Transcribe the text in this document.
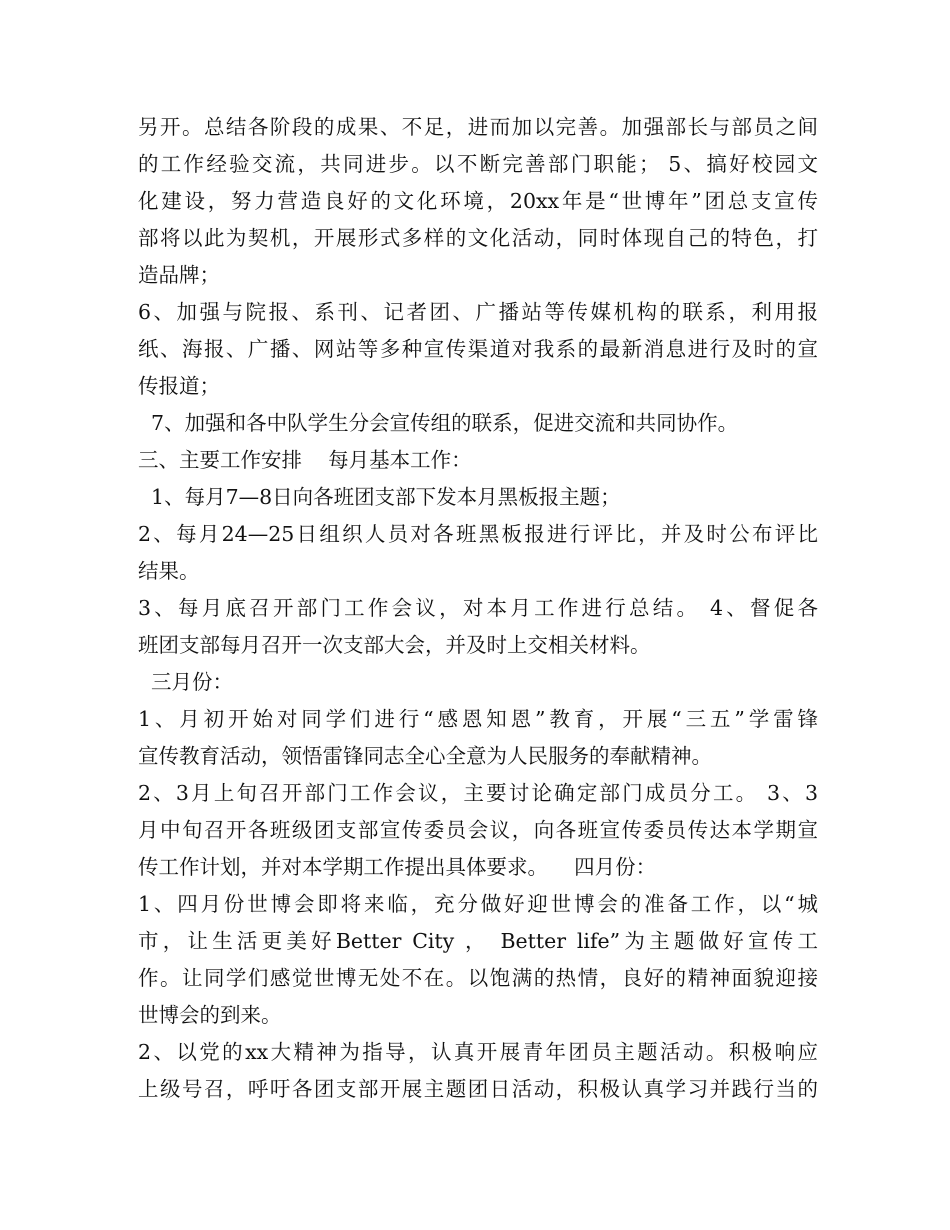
另开。总结各阶段的成果、不足，进而加以完善。加强部长与部员之间
的工作经验交流，共同进步。以不断完善部门职能； 5、搞好校园文
化建设，努力营造良好的文化环境，20xx年是“世博年”团总支宣传
部将以此为契机，开展形式多样的文化活动，同时体现自己的特色，打
造品牌；
6、加强与院报、系刊、记者团、广播站等传媒机构的联系，利用报
纸、海报、广播、网站等多种宣传渠道对我系的最新消息进行及时的宣
传报道；
7、加强和各中队学生分会宣传组的联系，促进交流和共同协作。
三、主要工作安排    每月基本工作：
1、每月7—8日向各班团支部下发本月黑板报主题；
2、每月24—25日组织人员对各班黑板报进行评比，并及时公布评比
结果。
3、每月底召开部门工作会议，对本月工作进行总结。 4、督促各
班团支部每月召开一次支部大会，并及时上交相关材料。
三月份：
1、月初开始对同学们进行“感恩知恩”教育，开展“三五”学雷锋
宣传教育活动，领悟雷锋同志全心全意为人民服务的奉献精神。
2、3月上旬召开部门工作会议，主要讨论确定部门成员分工。 3、3
月中旬召开各班级团支部宣传委员会议，向各班宣传委员传达本学期宣
传工作计划，并对本学期工作提出具体要求。    四月份：
1、四月份世博会即将来临，充分做好迎世博会的准备工作，以“城
市，让生活更美好Better City ， Better life”为主题做好宣传工
作。让同学们感觉世博无处不在。以饱满的热情，良好的精神面貌迎接
世博会的到来。
2、以党的xx大精神为指导，认真开展青年团员主题活动。积极响应
上级号召，呼吁各团支部开展主题团日活动，积极认真学习并践行当的
